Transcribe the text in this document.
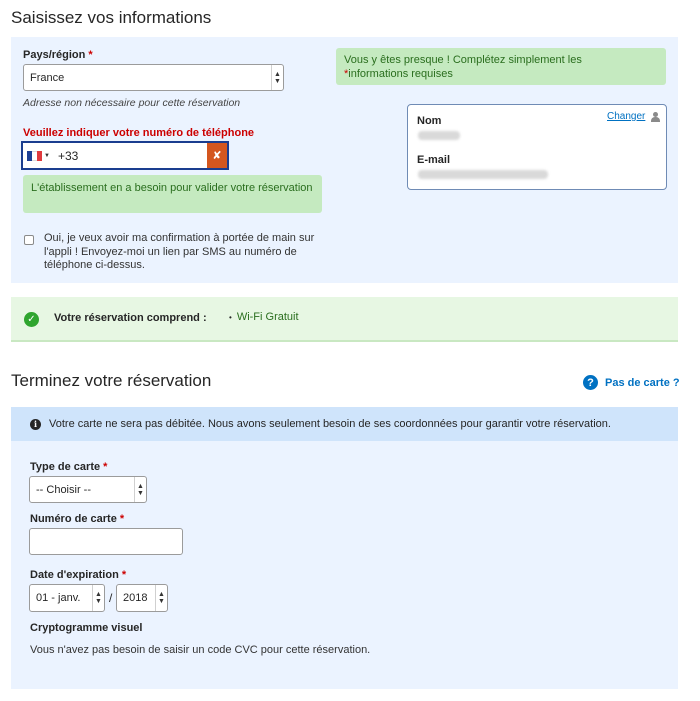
Saisissez vos informations
Pays/région *
France	▲
▼
Adresse non nécessaire pour cette réservation
Veuillez indiquer votre numéro de téléphone
▼ +33	✘
L'établissement en a besoin pour valider votre réservation
Oui, je veux avoir ma confirmation à portée de main sur l'appli ! Envoyez-moi un lien par SMS au numéro de téléphone ci-dessus.
Vous y êtes presque ! Complétez simplement les
*informations requises
Nom
E-mail
Changer
✓	Votre réservation comprend :	• Wi-Fi Gratuit
Terminez votre réservation	?	Pas de carte ?
i	Votre carte ne sera pas débitée. Nous avons seulement besoin de ses coordonnées pour garantir votre réservation.
Type de carte *
-- Choisir --	▲
▼
Numéro de carte *
Date d'expiration *
01 - janv.	▲
▼ / 2018	▲
▼
Cryptogramme visuel
Vous n'avez pas besoin de saisir un code CVC pour cette réservation.
